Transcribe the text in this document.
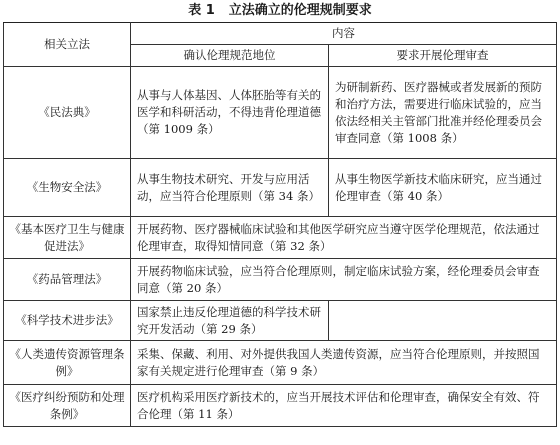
表 1 立法确立的伦理规制要求
相关立法	内容	
	确认伦理规范地位	要求开展伦理审查
《民法典》	从事与人体基因、人体胚胎等有关的医学和科研活动，不得违背伦理道德（第 1009 条）	为研制新药、医疗器械或者发展新的预防和治疗方法，需要进行临床试验的，应当依法经相关主管部门批准并经伦理委员会审查同意（第 1008 条）
《生物安全法》	从事生物技术研究、开发与应用活动，应当符合伦理原则（第 34 条）	从事生物医学新技术临床研究，应当通过伦理审查（第 40 条）
《基本医疗卫生与健康促进法》	开展药物、医疗器械临床试验和其他医学研究应当遵守医学伦理规范，依法通过伦理审查，取得知情同意（第 32 条）	
《药品管理法》	开展药物临床试验，应当符合伦理原则，制定临床试验方案，经伦理委员会审查同意（第 20 条）	
《科学技术进步法》	国家禁止违反伦理道德的科学技术研究开发活动（第 29 条）	
《人类遗传资源管理条例》	采集、保藏、利用、对外提供我国人类遗传资源，应当符合伦理原则，并按照国家有关规定进行伦理审查（第 9 条）	
《医疗纠纷预防和处理条例》	医疗机构采用医疗新技术的，应当开展技术评估和伦理审查，确保安全有效、符合伦理（第 11 条）	
